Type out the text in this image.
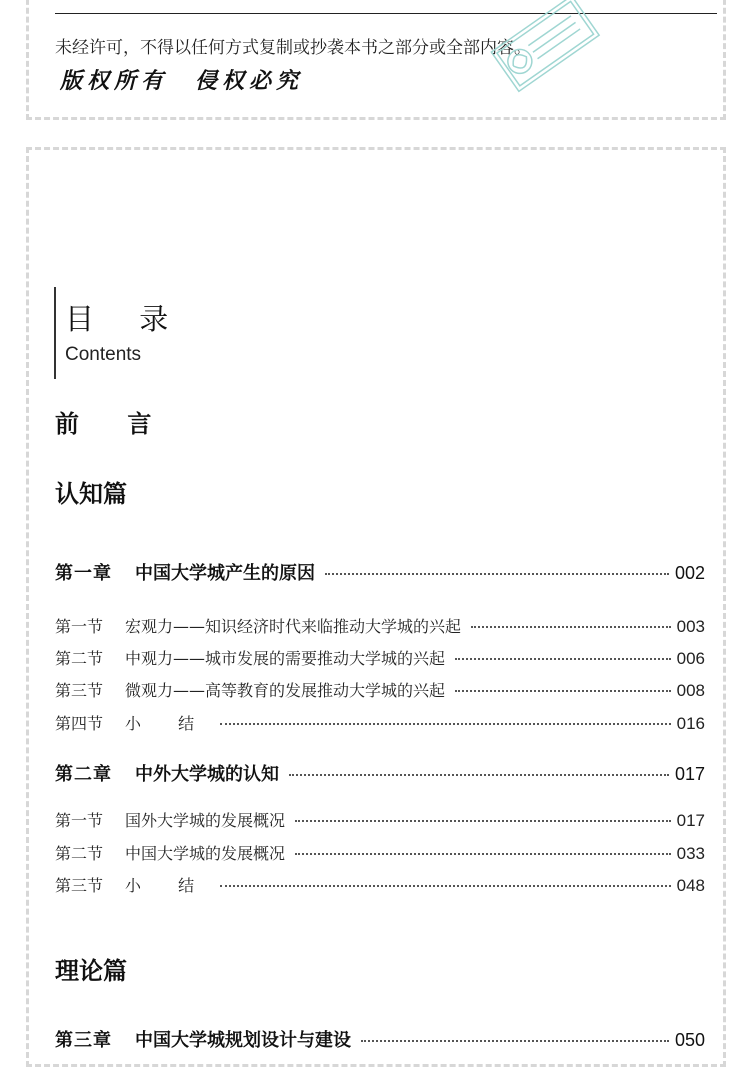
未经许可，不得以任何方式复制或抄袭本书之部分或全部内容。
版权所有　侵权必究
目 录
Contents
前 言
认知篇
第一章	中国大学城产生的原因	002
第一节	宏观力——知识经济时代来临推动大学城的兴起	003
第二节	中观力——城市发展的需要推动大学城的兴起	006
第三节	微观力——高等教育的发展推动大学城的兴起	008
第四节	小 结	016
第二章	中外大学城的认知	017
第一节	国外大学城的发展概况	017
第二节	中国大学城的发展概况	033
第三节	小 结	048
理论篇
第三章	中国大学城规划设计与建设	050
